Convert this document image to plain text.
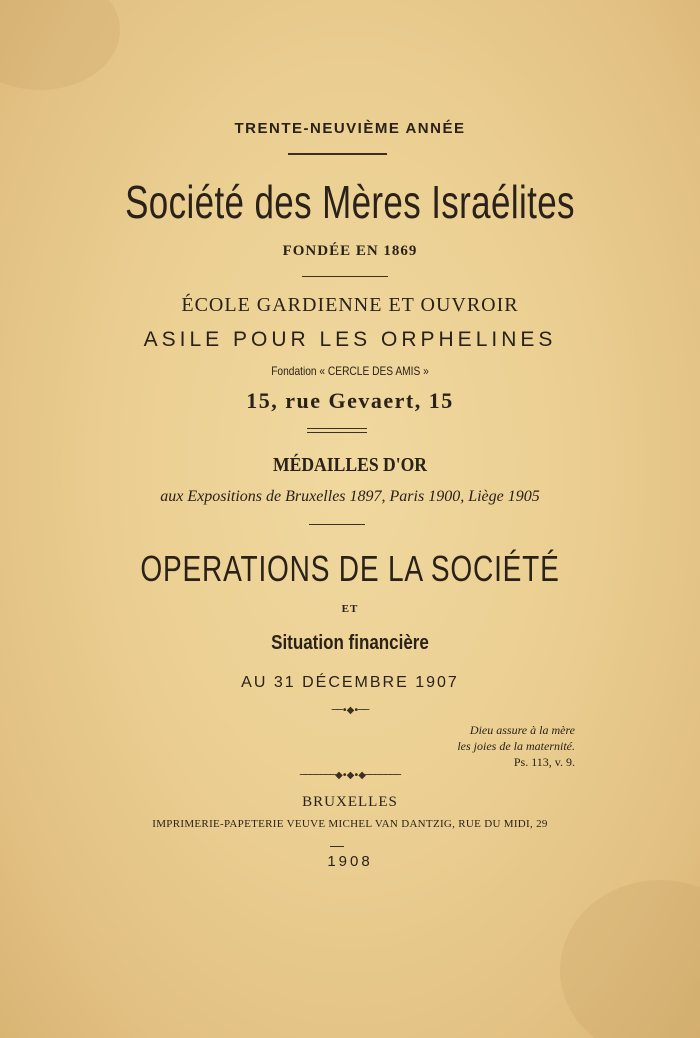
TRENTE-NEUVIÈME ANNÉE
Société des Mères Israélites
FONDÉE EN 1869
ÉCOLE GARDIENNE ET OUVROIR
ASILE POUR LES ORPHELINES
Fondation « CERCLE DES AMIS »
15, rue Gevaert, 15
MÉDAILLES D'OR
aux Expositions de Bruxelles 1897, Paris 1900, Liège 1905
OPERATIONS DE LA SOCIÉTÉ
ET
Situation financière
AU 31 DÉCEMBRE 1907
──•◆•──
Dieu assure à la mère
les joies de la maternité.
Ps. 113, v. 9.
───────◆•◆•◆───────
BRUXELLES
IMPRIMERIE-PAPETERIE VEUVE MICHEL VAN DANTZIG, RUE DU MIDI, 29
1908
